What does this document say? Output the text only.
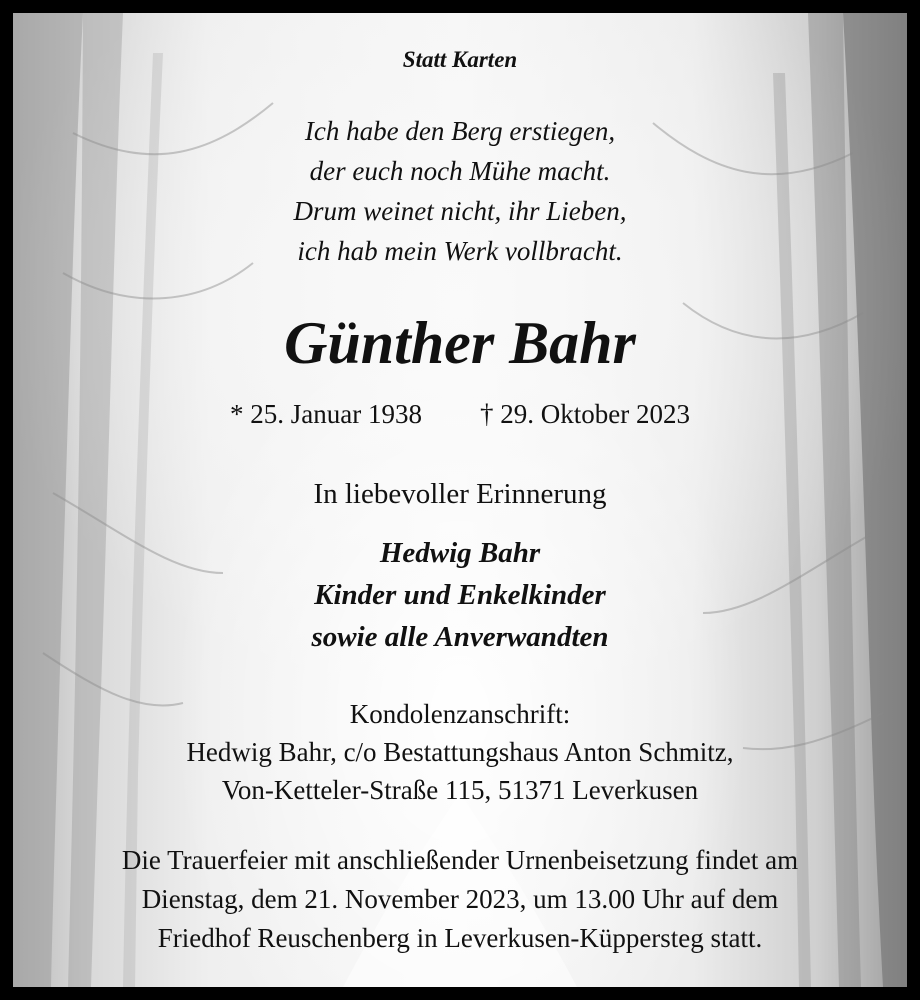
Statt Karten
Ich habe den Berg erstiegen,
der euch noch Mühe macht.
Drum weinet nicht, ihr Lieben,
ich hab mein Werk vollbracht.
Günther Bahr
* 25. Januar 1938 † 29. Oktober 2023
In liebevoller Erinnerung
Hedwig Bahr
Kinder und Enkelkinder
sowie alle Anverwandten
Kondolenzanschrift:
Hedwig Bahr, c/o Bestattungshaus Anton Schmitz,
Von-Ketteler-Straße 115, 51371 Leverkusen
Die Trauerfeier mit anschließender Urnenbeisetzung findet am
Dienstag, dem 21. November 2023, um 13.00 Uhr auf dem
Friedhof Reuschenberg in Leverkusen-Küppersteg statt.
